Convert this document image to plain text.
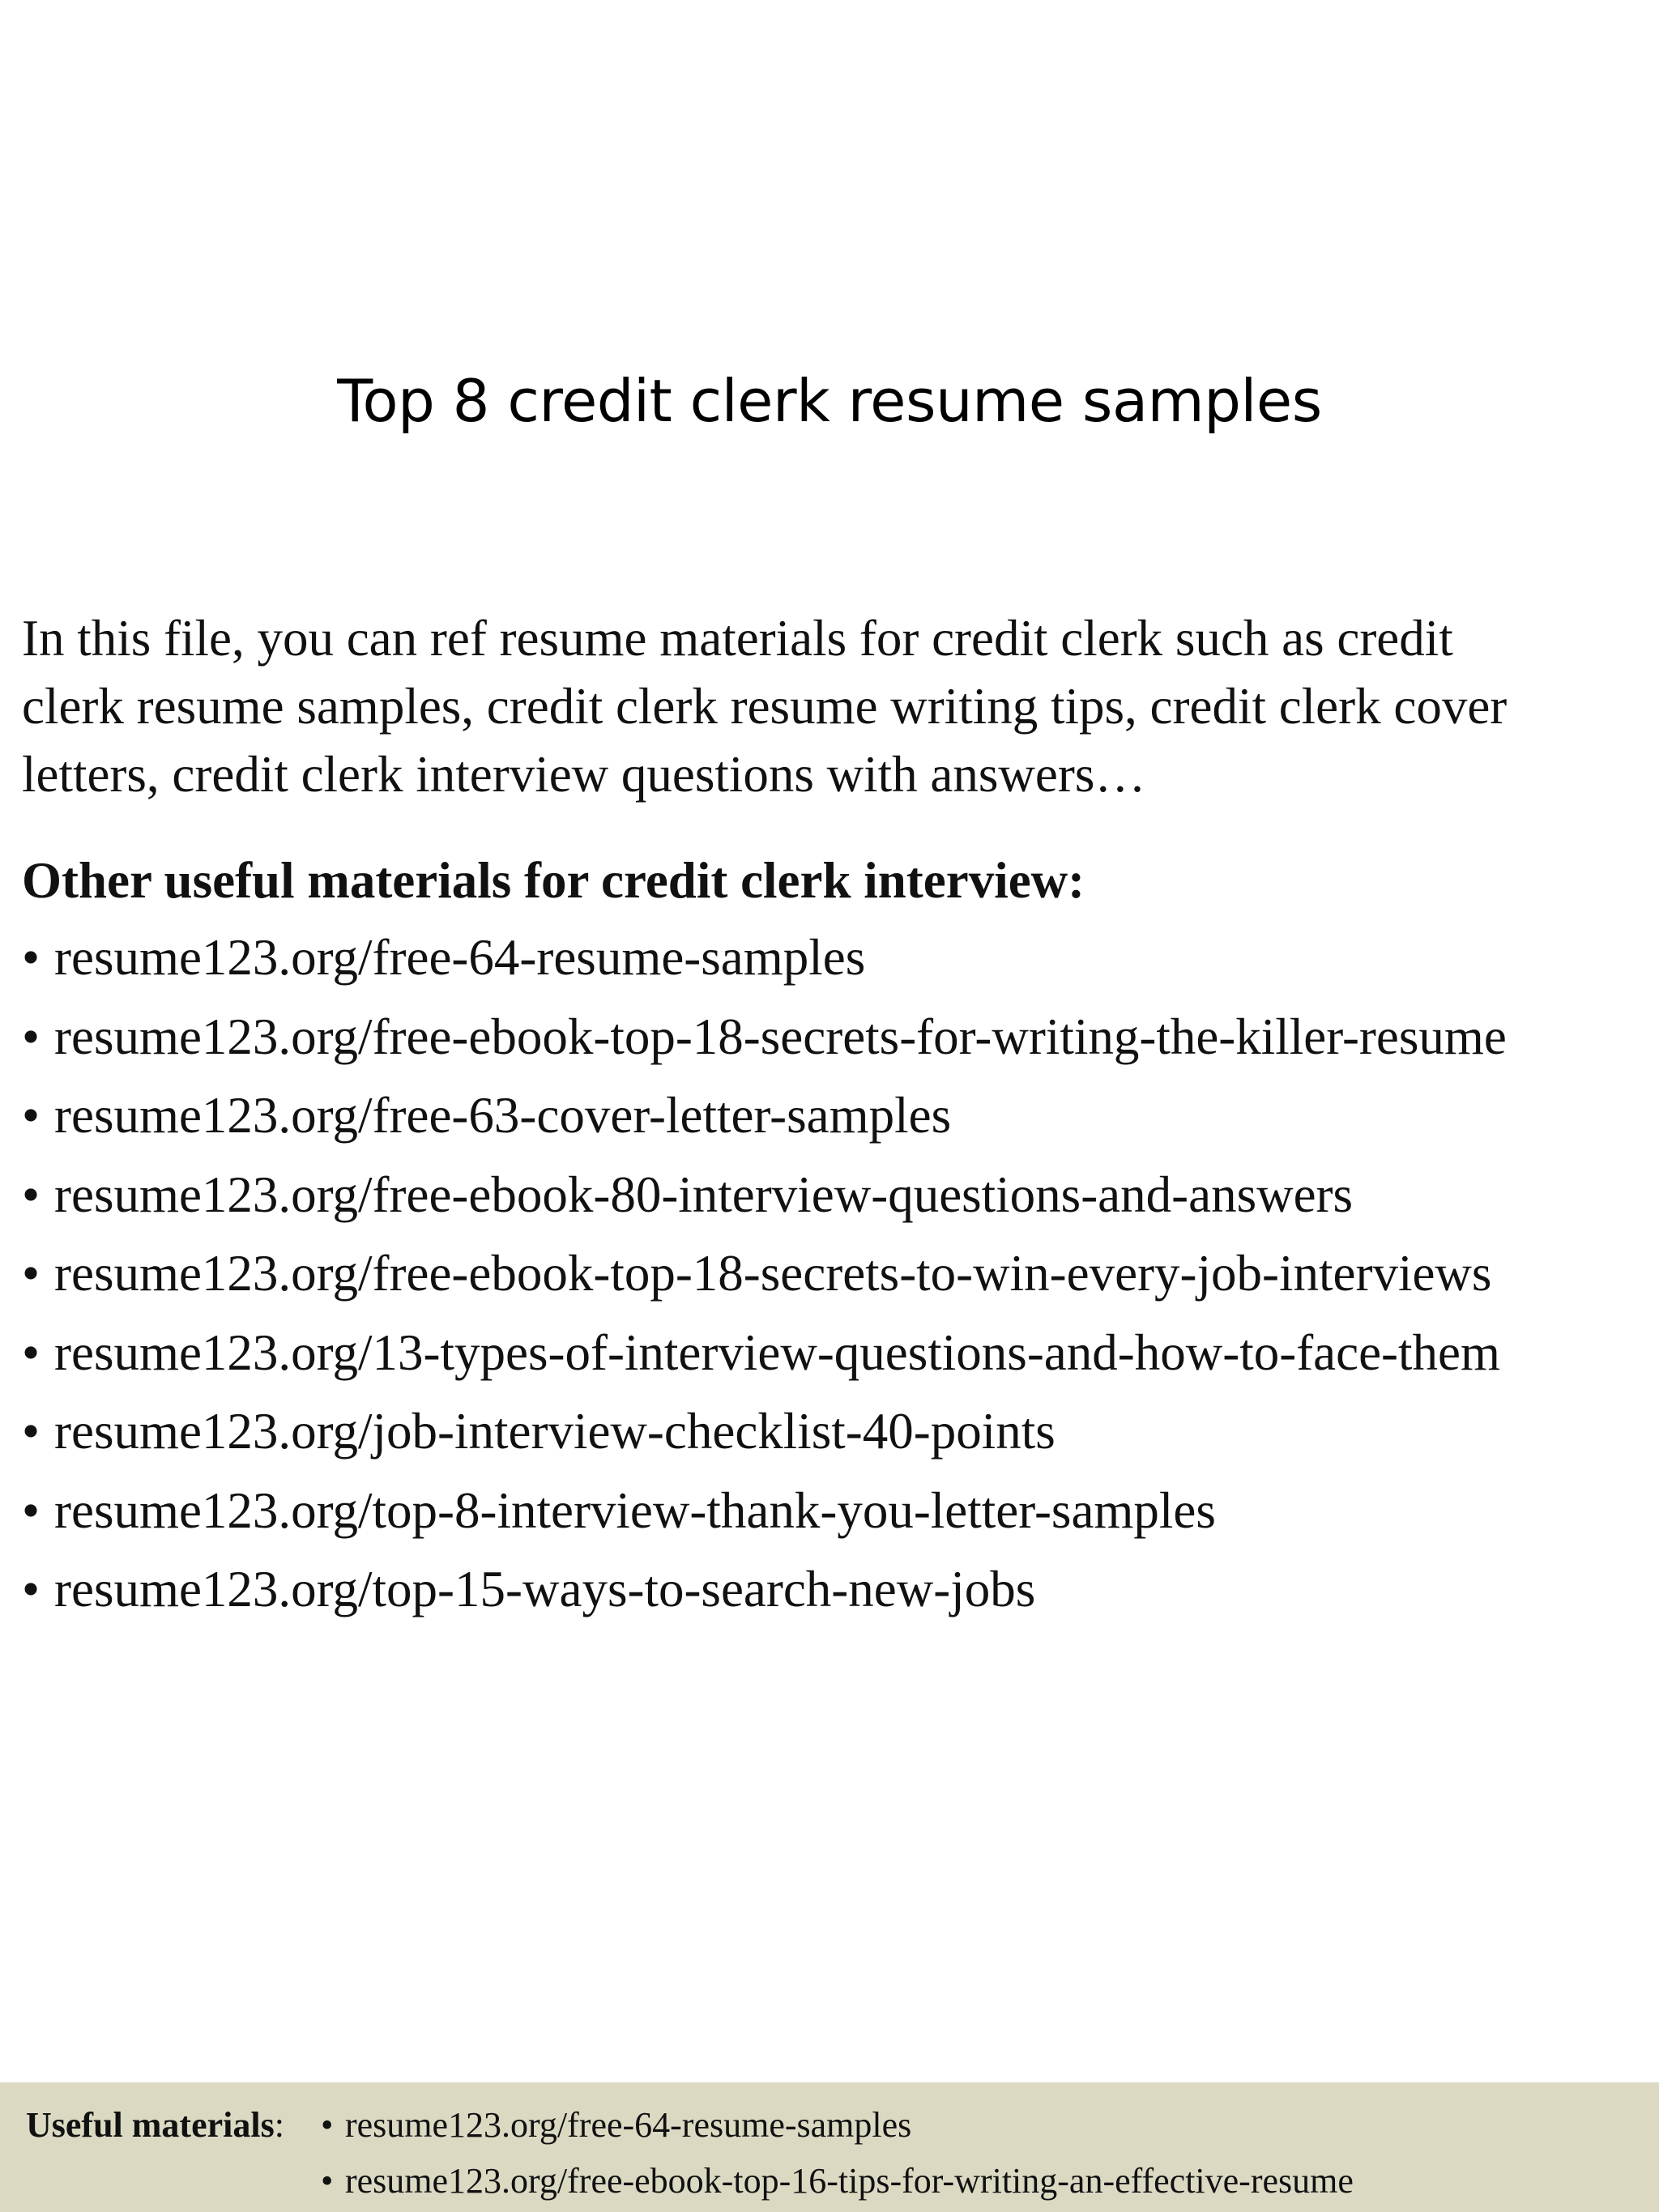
Top 8 credit clerk resume samples

In this file, you can ref resume materials for credit clerk such as credit
clerk resume samples, credit clerk resume writing tips, credit clerk cover
letters, credit clerk interview questions with answers…

Other useful materials for credit clerk interview:

• resume123.org/free-64-resume-samples
• resume123.org/free-ebook-top-18-secrets-for-writing-the-killer-resume
• resume123.org/free-63-cover-letter-samples
• resume123.org/free-ebook-80-interview-questions-and-answers
• resume123.org/free-ebook-top-18-secrets-to-win-every-job-interviews
• resume123.org/13-types-of-interview-questions-and-how-to-face-them
• resume123.org/job-interview-checklist-40-points
• resume123.org/top-8-interview-thank-you-letter-samples
• resume123.org/top-15-ways-to-search-new-jobs
Useful materials: • resume123.org/free-64-resume-samples
• resume123.org/free-ebook-top-16-tips-for-writing-an-effective-resume
